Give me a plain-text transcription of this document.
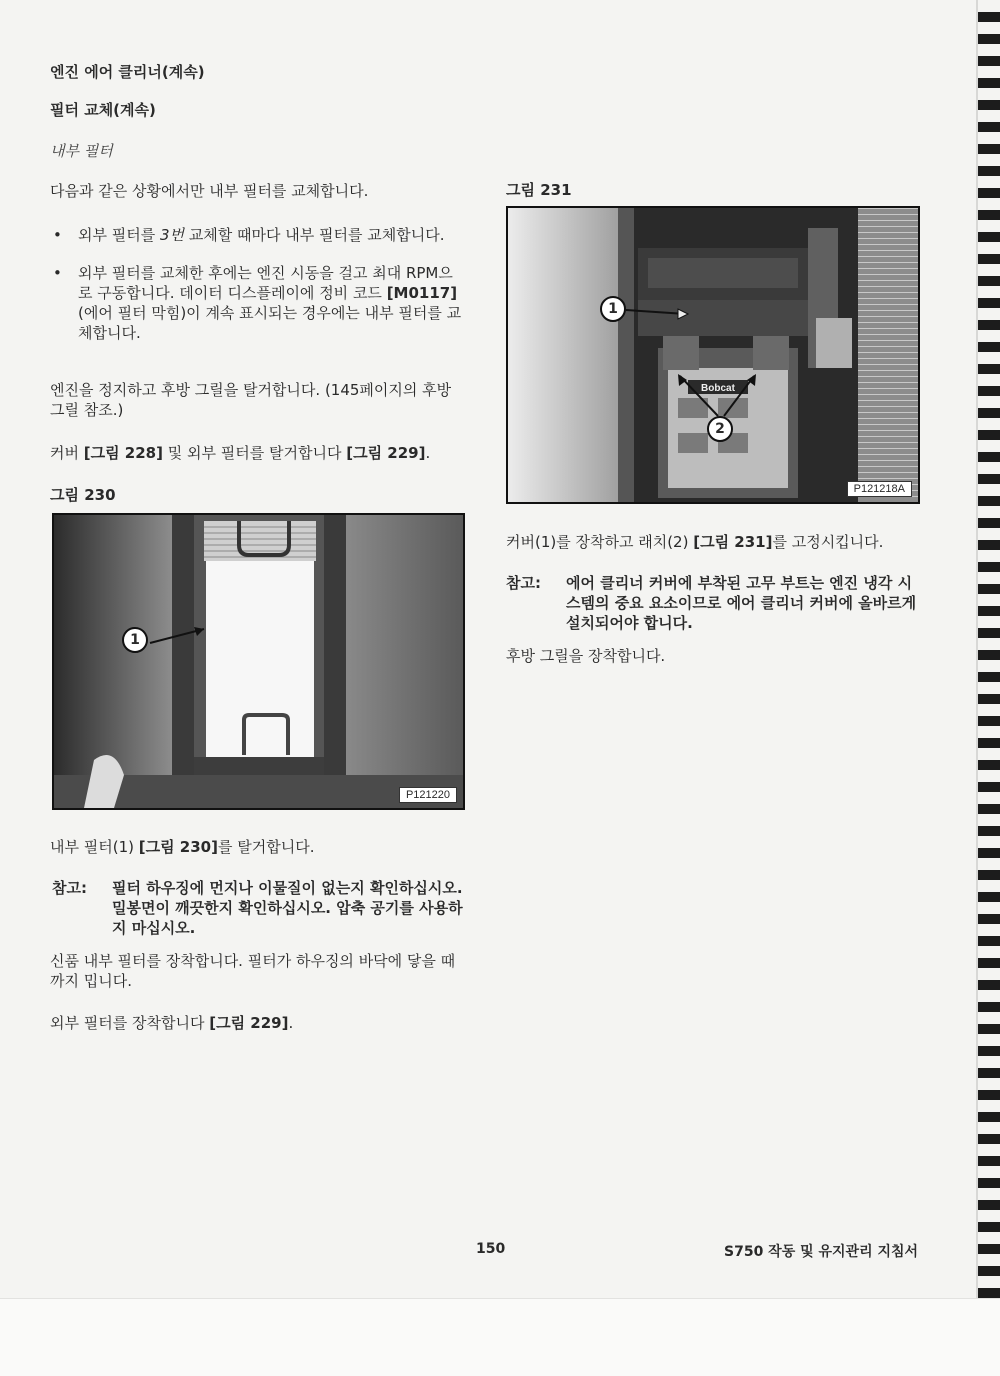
엔진 에어 클리너(계속)
필터 교체(계속)
내부 필터
다음과 같은 상황에서만 내부 필터를 교체합니다.
• 외부 필터를 3번 교체할 때마다 내부 필터를 교체합니다.
• 외부 필터를 교체한 후에는 엔진 시동을 걸고 최대 RPM으로 구동합니다. 데이터 디스플레이에 정비 코드 [M0117] (에어 필터 막힘)이 계속 표시되는 경우에는 내부 필터를 교체합니다.
엔진을 정지하고 후방 그릴을 탈거합니다. (145페이지의 후방 그릴 참조.)
커버 [그림 228] 및 외부 필터를 탈거합니다 [그림 229].
그림 230
1
P121220
내부 필터(1) [그림 230]를 탈거합니다.
참고:	필터 하우징에 먼지나 이물질이 없는지 확인하십시오. 밀봉면이 깨끗한지 확인하십시오. 압축 공기를 사용하지 마십시오.
신품 내부 필터를 장착합니다. 필터가 하우징의 바닥에 닿을 때까지 밉니다.
외부 필터를 장착합니다 [그림 229].
그림 231
Bobcat
1
2
P121218A
커버(1)를 장착하고 래치(2) [그림 231]를 고정시킵니다.
참고:	에어 클리너 커버에 부착된 고무 부트는 엔진 냉각 시스템의 중요 요소이므로 에어 클리너 커버에 올바르게 설치되어야 합니다.
후방 그릴을 장착합니다.
150	S750 작동 및 유지관리 지침서
